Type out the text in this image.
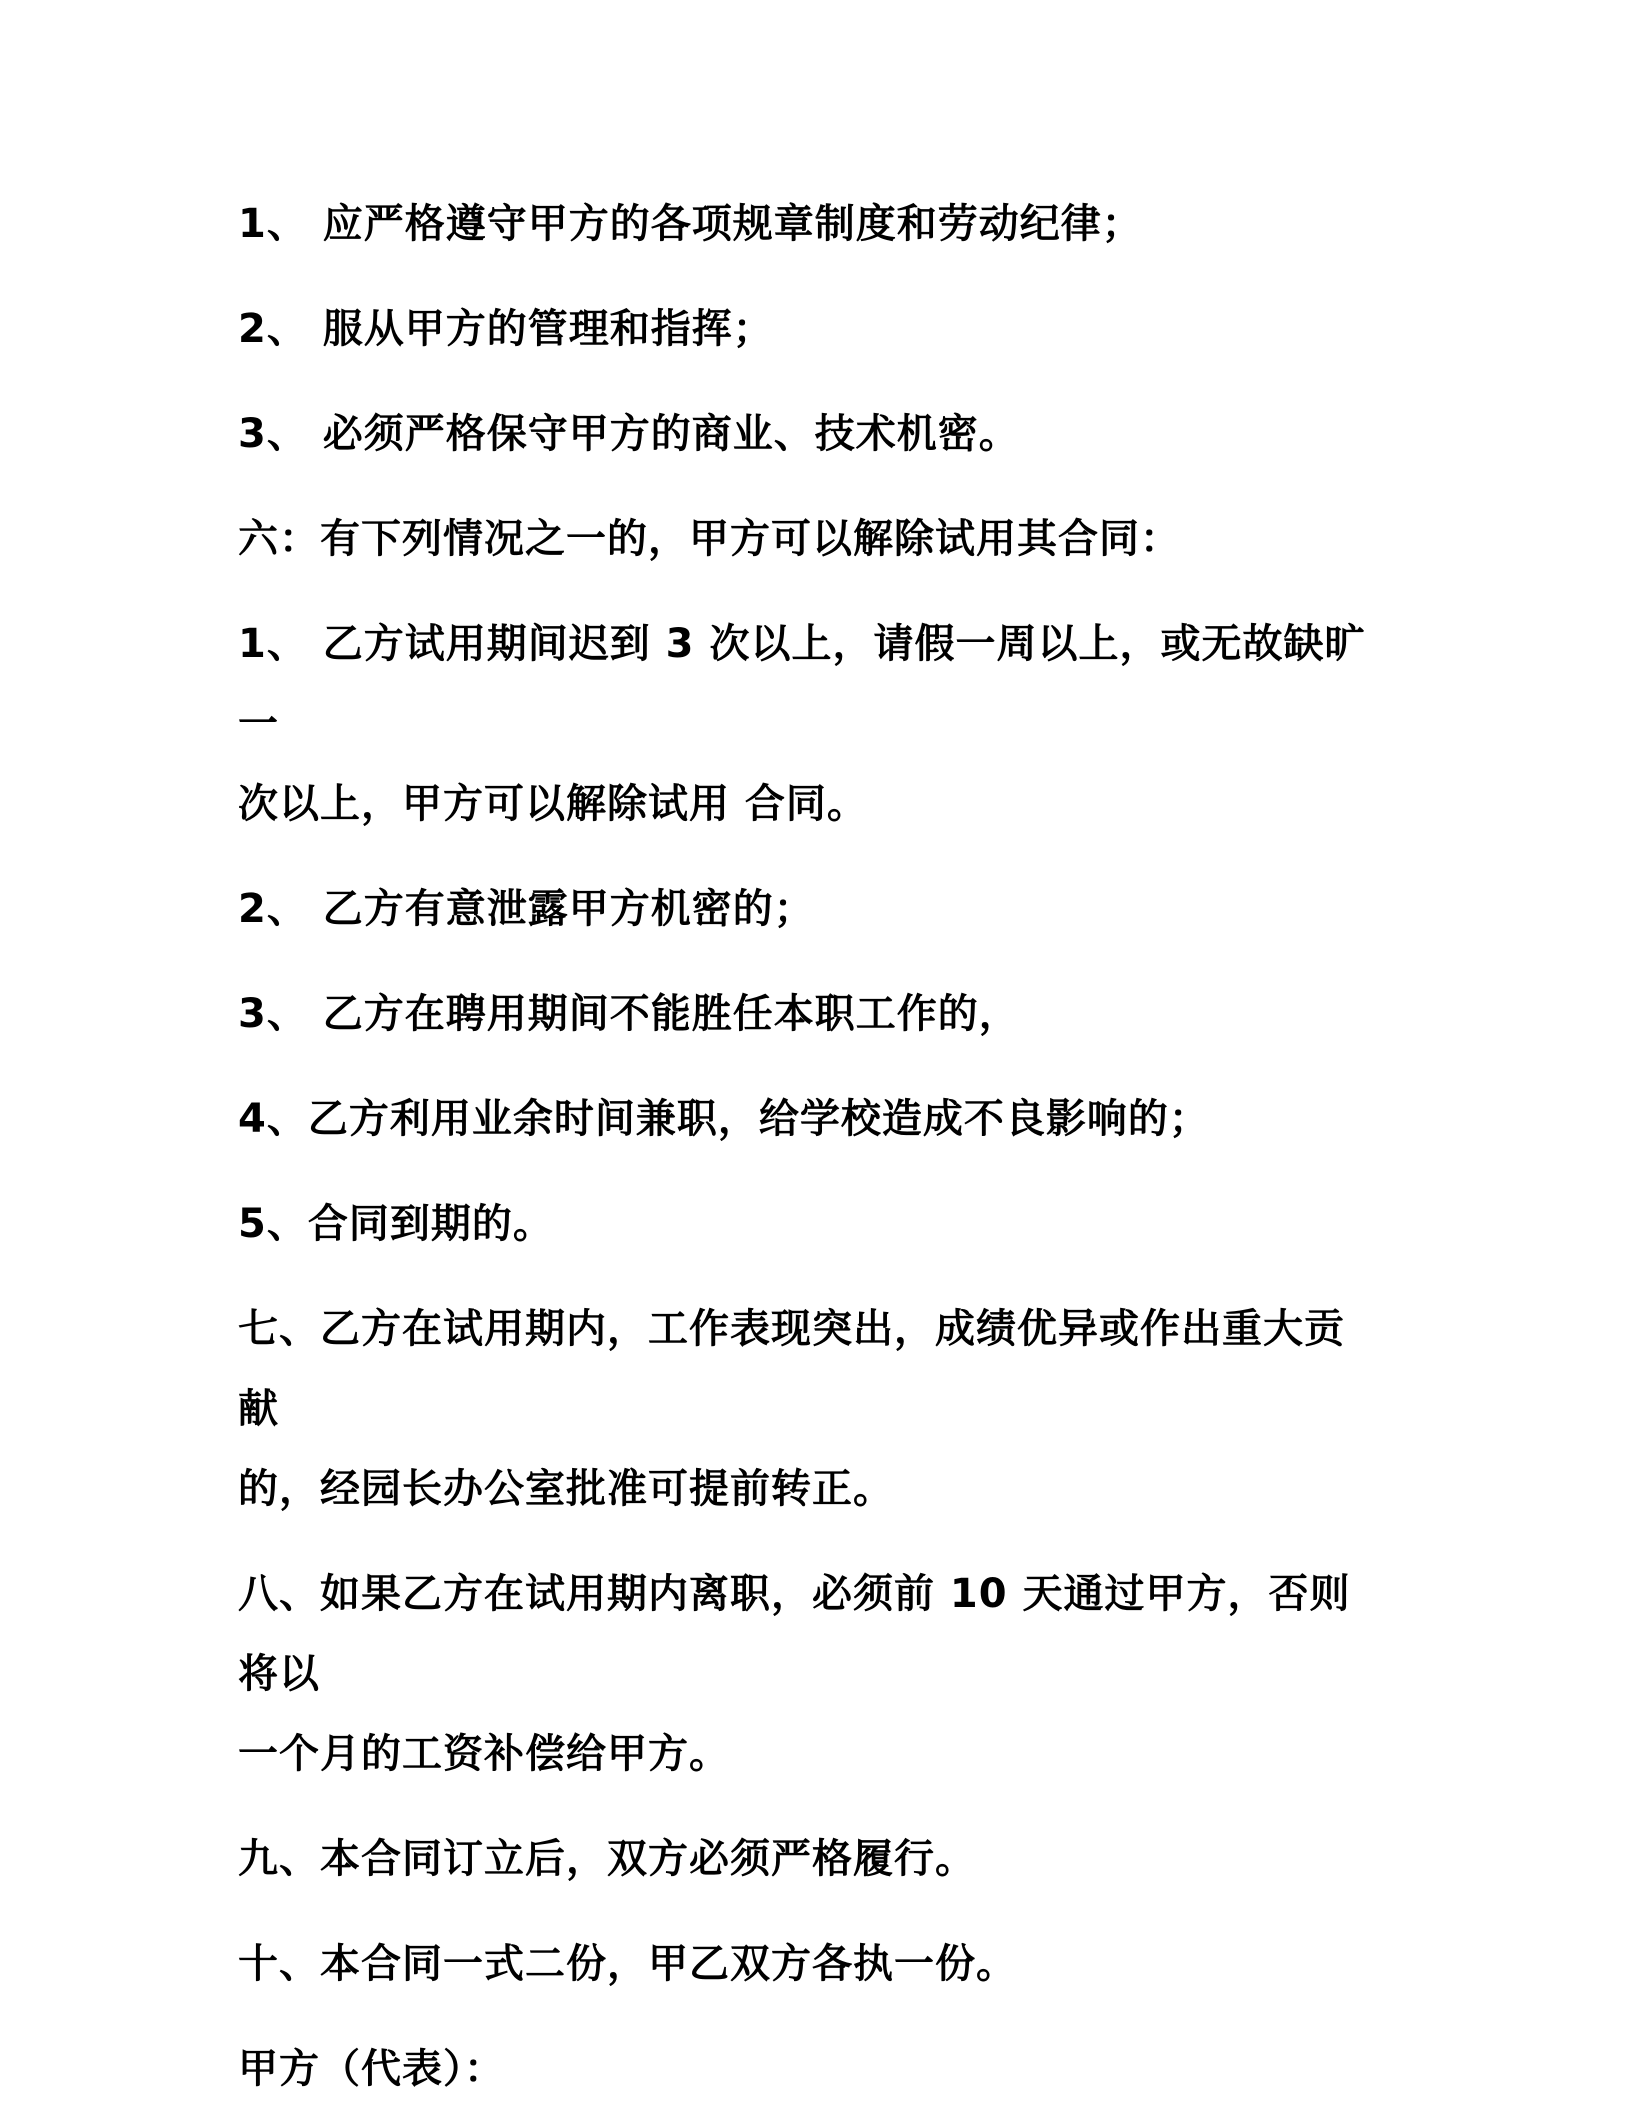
1、 应严格遵守甲方的各项规章制度和劳动纪律；

2、 服从甲方的管理和指挥；

3、 必须严格保守甲方的商业、技术机密。

六：有下列情况之一的，甲方可以解除试用其合同：

1、 乙方试用期间迟到 3 次以上，请假一周以上，或无故缺旷一
次以上，甲方可以解除试用 合同。

2、 乙方有意泄露甲方机密的；

3、 乙方在聘用期间不能胜任本职工作的，

4、乙方利用业余时间兼职，给学校造成不良影响的；

5、合同到期的。

七、乙方在试用期内，工作表现突出，成绩优异或作出重大贡献
的，经园长办公室批准可提前转正。

八、如果乙方在试用期内离职，必须前 10 天通过甲方，否则将以
一个月的工资补偿给甲方。

九、本合同订立后，双方必须严格履行。

十、本合同一式二份，甲乙双方各执一份。

甲方（代表）：
